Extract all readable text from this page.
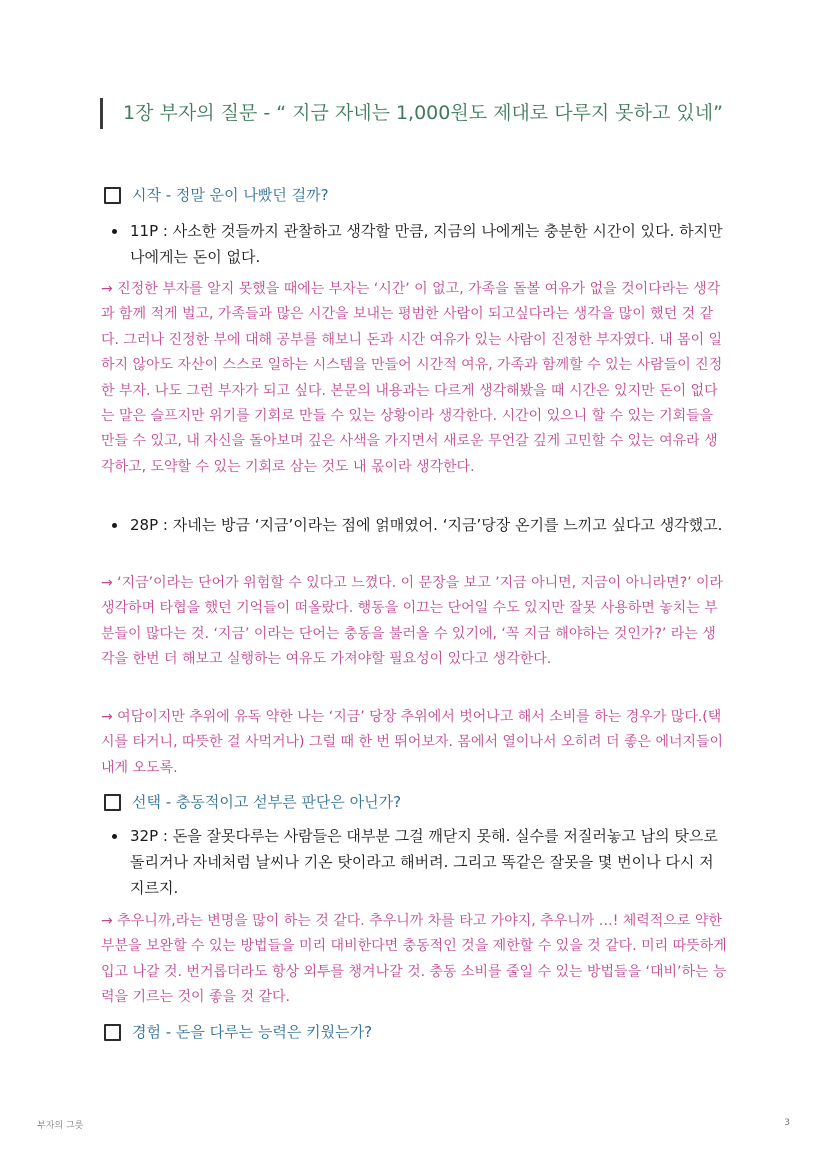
1장 부자의 질문 - “ 지금 자네는 1,000원도 제대로 다루지 못하고 있네”
시작 - 정말 운이 나빴던 걸까?
11P : 사소한 것들까지 관찰하고 생각할 만큼, 지금의 나에게는 충분한 시간이 있다. 하지만 나에게는 돈이 없다.
→ 진정한 부자를 알지 못했을 때에는 부자는 ‘시간’ 이 없고, 가족을 돌볼 여유가 없을 것이다라는 생각과 함께 적게 벌고, 가족들과 많은 시간을 보내는 평범한 사람이 되고싶다라는 생각을 많이 했던 것 같다. 그러나 진정한 부에 대해 공부를 해보니 돈과 시간 여유가 있는 사람이 진정한 부자였다. 내 몸이 일하지 않아도 자산이 스스로 일하는 시스템을 만들어 시간적 여유, 가족과 함께할 수 있는 사람들이 진정한 부자. 나도 그런 부자가 되고 싶다. 본문의 내용과는 다르게 생각해봤을 때 시간은 있지만 돈이 없다는 말은 슬프지만 위기를 기회로 만들 수 있는 상황이라 생각한다. 시간이 있으니 할 수 있는 기회들을 만들 수 있고, 내 자신을 돌아보며 깊은 사색을 가지면서 새로운 무언갈 깊게 고민할 수 있는 여유라 생각하고, 도약할 수 있는 기회로 삼는 것도 내 몫이라 생각한다.
28P : 자네는 방금 ‘지금’이라는 점에 얽매였어. ‘지금’당장 온기를 느끼고 싶다고 생각했고.
→ ‘지금’이라는 단어가 위험할 수 있다고 느꼈다. 이 문장을 보고 ’지금 아니면, 지금이 아니라면?’ 이라 생각하며 타협을 했던 기억들이 떠올랐다. 행동을 이끄는 단어일 수도 있지만 잘못 사용하면 놓치는 부분들이 많다는 것. ‘지금’ 이라는 단어는 충동을 불러올 수 있기에, ‘꼭 지금 해야하는 것인가?’ 라는 생각을 한번 더 해보고 실행하는 여유도 가져야할 필요성이 있다고 생각한다.
→ 여담이지만 추위에 유독 약한 나는 ‘지금’ 당장 추위에서 벗어나고 해서 소비를 하는 경우가 많다.(택시를 타거니, 따뜻한 걸 사먹거나) 그럴 때 한 번 뛰어보자. 몸에서 열이나서 오히려 더 좋은 에너지들이 내게 오도록.
선택 - 충동적이고 섣부른 판단은 아닌가?
32P : 돈을 잘못다루는 사람들은 대부분 그걸 깨닫지 못해. 실수를 저질러놓고 남의 탓으로 돌리거나 자네처럼 날씨나 기온 탓이라고 해버려. 그리고 똑같은 잘못을 몇 번이나 다시 저지르지.
→ 추우니까,라는 변명을 많이 하는 것 같다. 추우니까 차를 타고 가야지, 추우니까 …! 체력적으로 약한 부분을 보완할 수 있는 방법들을 미리 대비한다면 충동적인 것을 제한할 수 있을 것 같다. 미리 따뜻하게 입고 나갈 것. 번거롭더라도 항상 외투를 챙겨나갈 것. 충동 소비를 줄일 수 있는 방법들을 ‘대비’하는 능력을 기르는 것이 좋을 것 같다.
경험 - 돈을 다루는 능력은 키웠는가?
부자의 그릇	3
